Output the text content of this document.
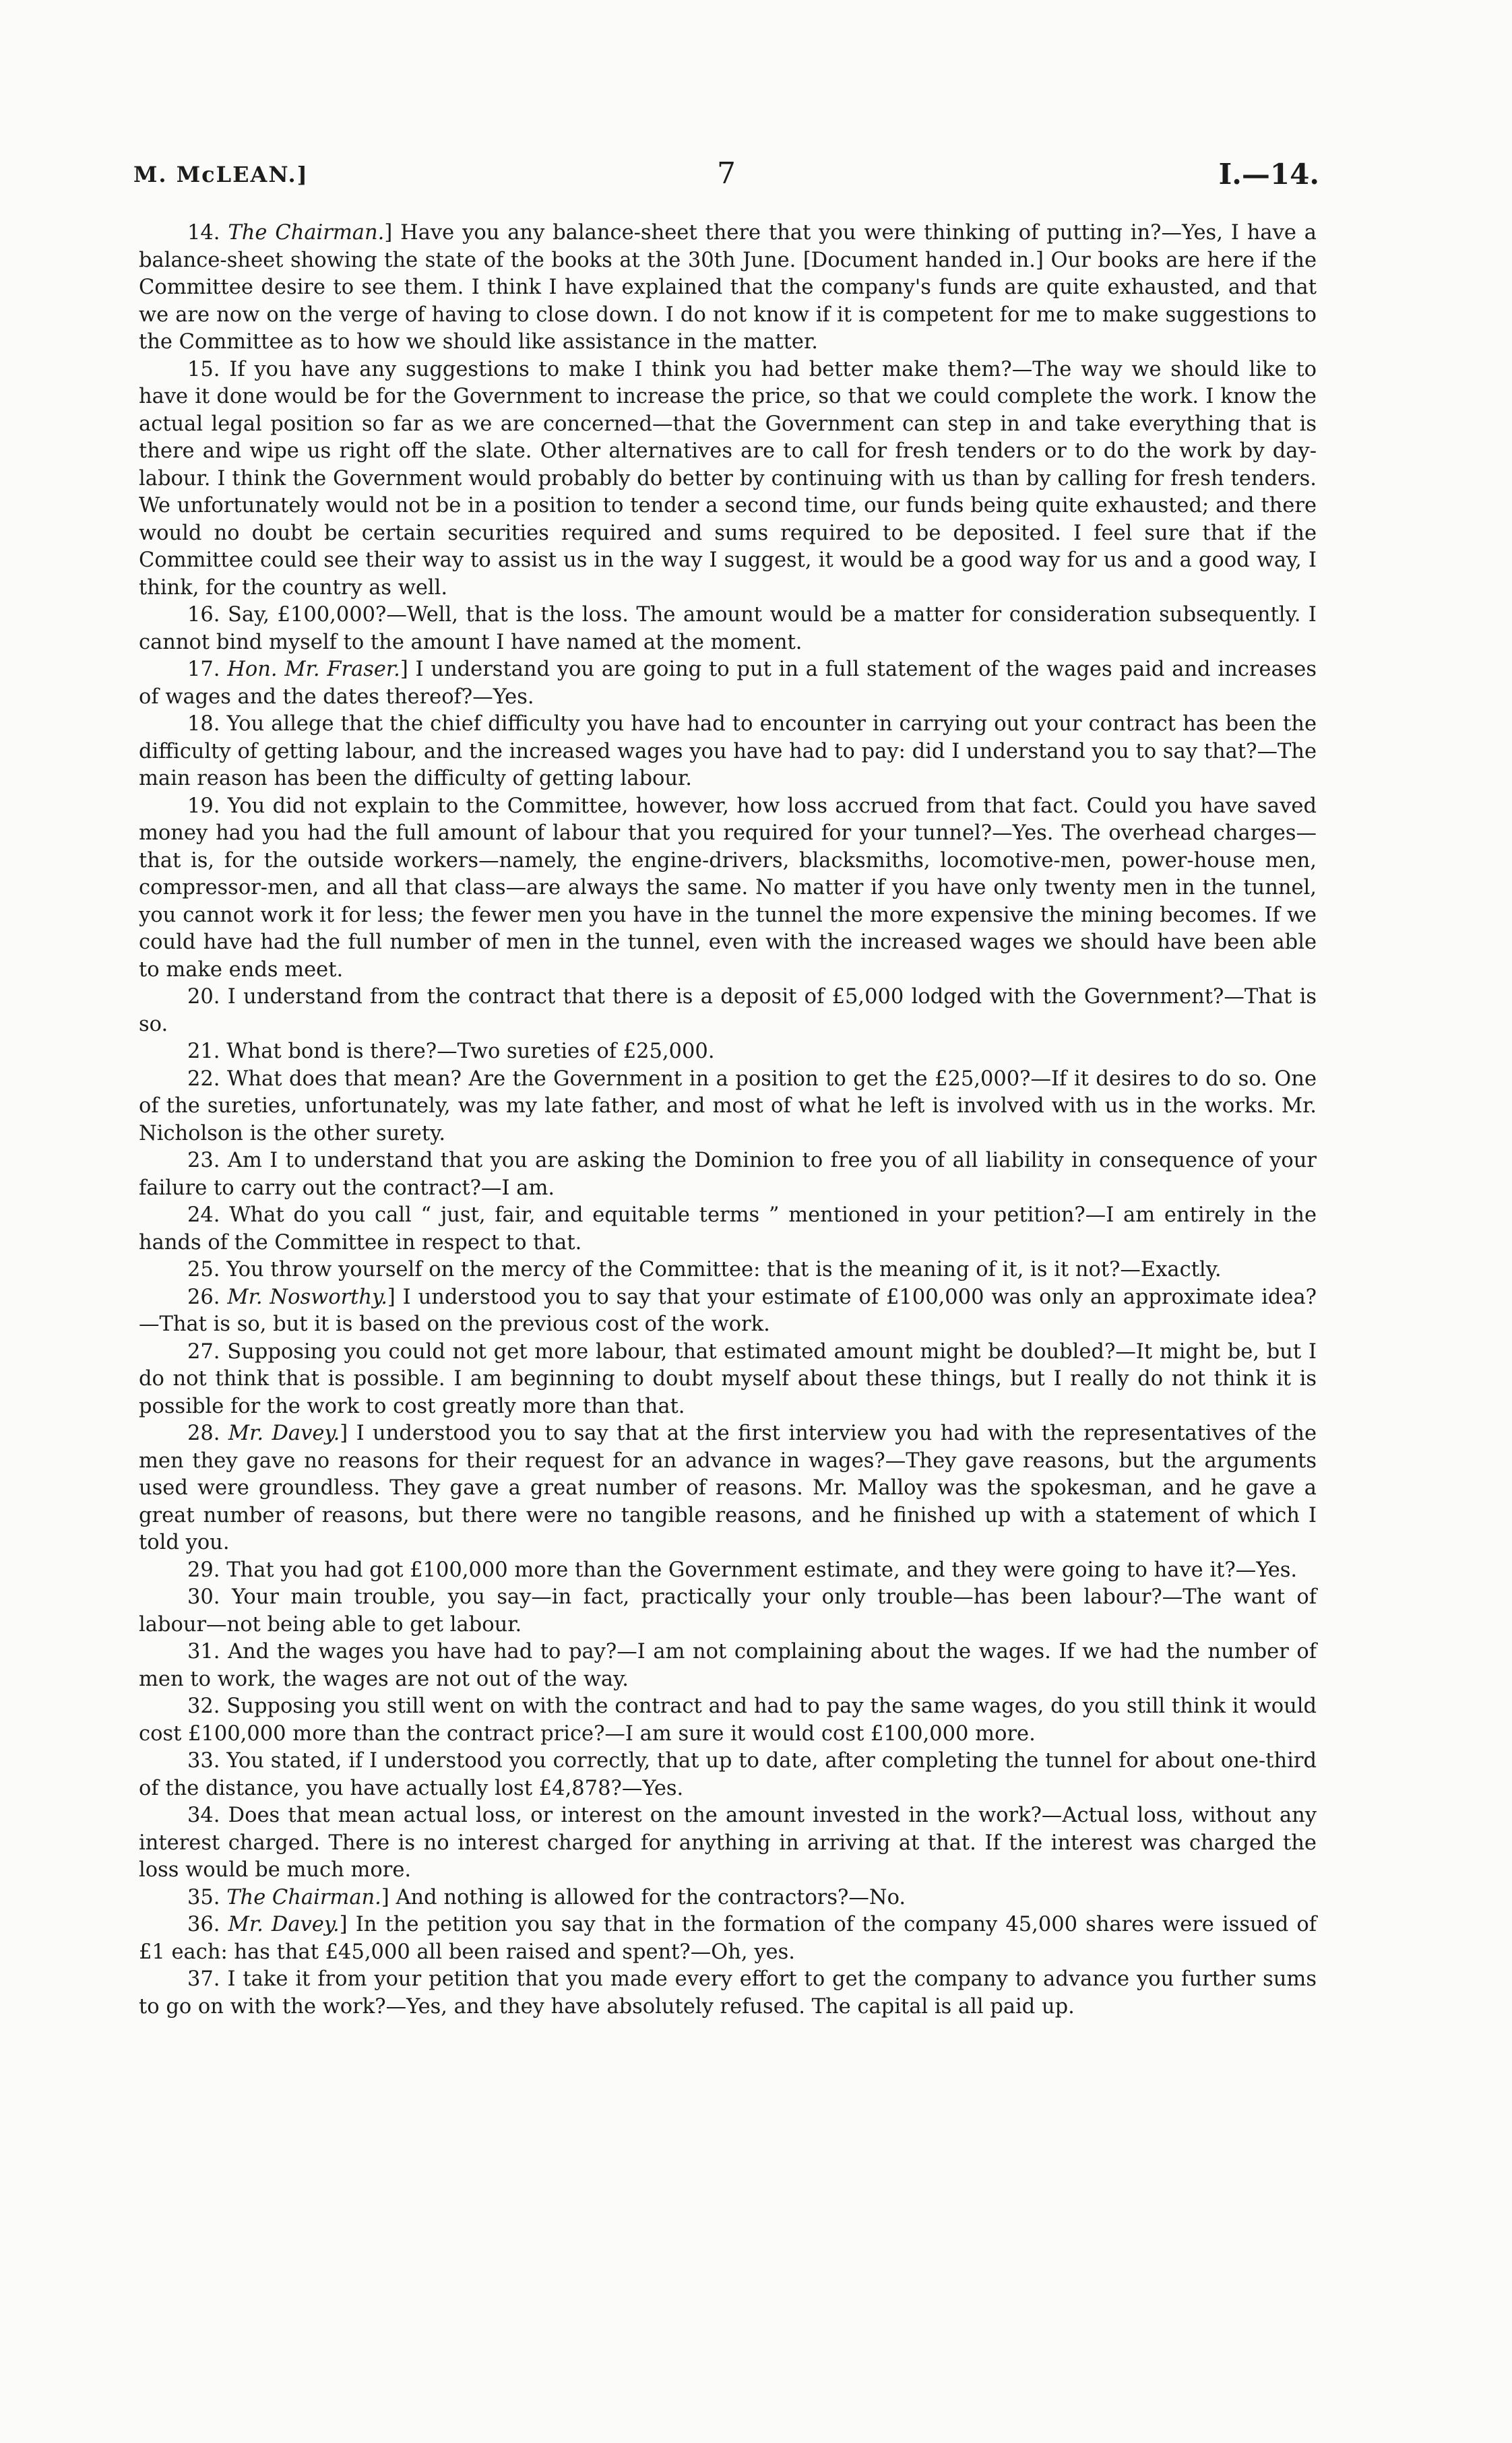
M. McLEAN.]	7	I.—14.

14. The Chairman.] Have you any balance-sheet there that you were thinking of putting in?—Yes, I have a balance-sheet showing the state of the books at the 30th June. [Document handed in.] Our books are here if the Committee desire to see them. I think I have explained that the company's funds are quite exhausted, and that we are now on the verge of having to close down. I do not know if it is competent for me to make suggestions to the Committee as to how we should like assistance in the matter.

15. If you have any suggestions to make I think you had better make them?—The way we should like to have it done would be for the Government to increase the price, so that we could complete the work. I know the actual legal position so far as we are concerned—that the Government can step in and take everything that is there and wipe us right off the slate. Other alternatives are to call for fresh tenders or to do the work by day-labour. I think the Government would probably do better by continuing with us than by calling for fresh tenders. We unfortunately would not be in a position to tender a second time, our funds being quite exhausted; and there would no doubt be certain securities required and sums required to be deposited. I feel sure that if the Committee could see their way to assist us in the way I suggest, it would be a good way for us and a good way, I think, for the country as well.

16. Say, £100,000?—Well, that is the loss. The amount would be a matter for consideration subsequently. I cannot bind myself to the amount I have named at the moment.

17. Hon. Mr. Fraser.] I understand you are going to put in a full statement of the wages paid and increases of wages and the dates thereof?—Yes.

18. You allege that the chief difficulty you have had to encounter in carrying out your contract has been the difficulty of getting labour, and the increased wages you have had to pay: did I understand you to say that?—The main reason has been the difficulty of getting labour.

19. You did not explain to the Committee, however, how loss accrued from that fact. Could you have saved money had you had the full amount of labour that you required for your tunnel?—Yes. The overhead charges—that is, for the outside workers—namely, the engine-drivers, blacksmiths, locomotive-men, power-house men, compressor-men, and all that class—are always the same. No matter if you have only twenty men in the tunnel, you cannot work it for less; the fewer men you have in the tunnel the more expensive the mining becomes. If we could have had the full number of men in the tunnel, even with the increased wages we should have been able to make ends meet.

20. I understand from the contract that there is a deposit of £5,000 lodged with the Government?—That is so.

21. What bond is there?—Two sureties of £25,000.

22. What does that mean? Are the Government in a position to get the £25,000?—If it desires to do so. One of the sureties, unfortunately, was my late father, and most of what he left is involved with us in the works. Mr. Nicholson is the other surety.

23. Am I to understand that you are asking the Dominion to free you of all liability in consequence of your failure to carry out the contract?—I am.

24. What do you call “ just, fair, and equitable terms ” mentioned in your petition?—I am entirely in the hands of the Committee in respect to that.

25. You throw yourself on the mercy of the Committee: that is the meaning of it, is it not?—Exactly.

26. Mr. Nosworthy.] I understood you to say that your estimate of £100,000 was only an approximate idea?—That is so, but it is based on the previous cost of the work.

27. Supposing you could not get more labour, that estimated amount might be doubled?—It might be, but I do not think that is possible. I am beginning to doubt myself about these things, but I really do not think it is possible for the work to cost greatly more than that.

28. Mr. Davey.] I understood you to say that at the first interview you had with the representatives of the men they gave no reasons for their request for an advance in wages?—They gave reasons, but the arguments used were groundless. They gave a great number of reasons. Mr. Malloy was the spokesman, and he gave a great number of reasons, but there were no tangible reasons, and he finished up with a statement of which I told you.

29. That you had got £100,000 more than the Government estimate, and they were going to have it?—Yes.

30. Your main trouble, you say—in fact, practically your only trouble—has been labour?—The want of labour—not being able to get labour.

31. And the wages you have had to pay?—I am not complaining about the wages. If we had the number of men to work, the wages are not out of the way.

32. Supposing you still went on with the contract and had to pay the same wages, do you still think it would cost £100,000 more than the contract price?—I am sure it would cost £100,000 more.

33. You stated, if I understood you correctly, that up to date, after completing the tunnel for about one-third of the distance, you have actually lost £4,878?—Yes.

34. Does that mean actual loss, or interest on the amount invested in the work?—Actual loss, without any interest charged. There is no interest charged for anything in arriving at that. If the interest was charged the loss would be much more.

35. The Chairman.] And nothing is allowed for the contractors?—No.

36. Mr. Davey.] In the petition you say that in the formation of the company 45,000 shares were issued of £1 each: has that £45,000 all been raised and spent?—Oh, yes.

37. I take it from your petition that you made every effort to get the company to advance you further sums to go on with the work?—Yes, and they have absolutely refused. The capital is all paid up.
